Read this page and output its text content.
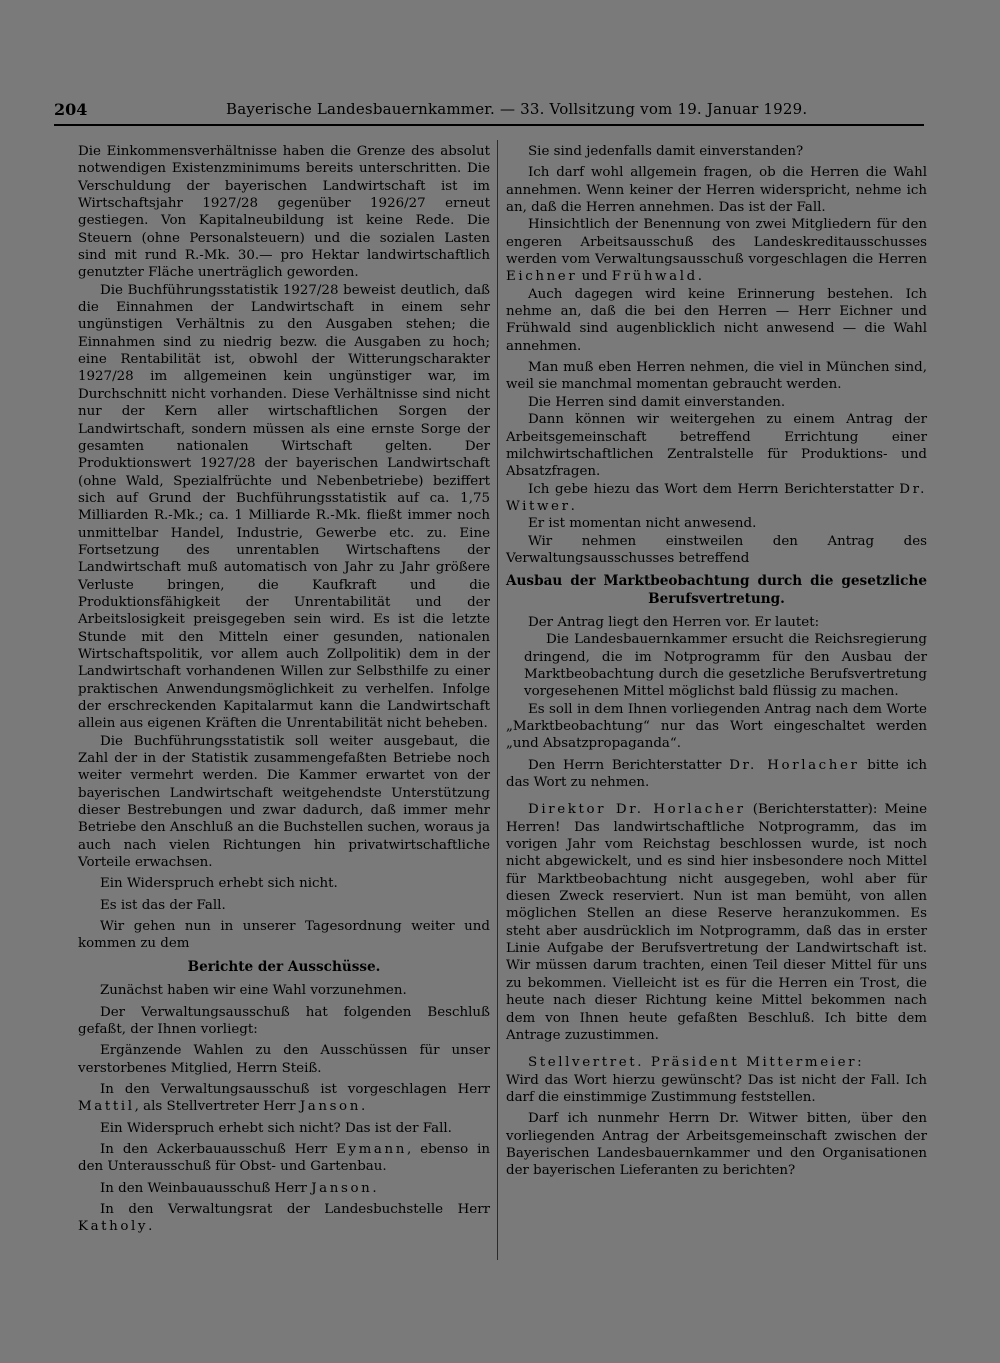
204	Bayerische Landesbauernkammer. — 33. Vollsitzung vom 19. Januar 1929.

Die Einkommensverhältnisse haben die Grenze des absolut notwendigen Existenzminimums bereits unterschritten. Die Verschuldung der bayerischen Landwirtschaft ist im Wirtschaftsjahr 1927/28 gegenüber 1926/27 erneut gestiegen. Von Kapitalneubildung ist keine Rede. Die Steuern (ohne Personalsteuern) und die sozialen Lasten sind mit rund R.-Mk. 30.— pro Hektar landwirtschaftlich genutzter Fläche unerträglich geworden.

Die Buchführungsstatistik 1927/28 beweist deutlich, daß die Einnahmen der Landwirtschaft in einem sehr ungünstigen Verhältnis zu den Ausgaben stehen; die Einnahmen sind zu niedrig bezw. die Ausgaben zu hoch; eine Rentabilität ist, obwohl der Witterungscharakter 1927/28 im allgemeinen kein ungünstiger war, im Durchschnitt nicht vorhanden. Diese Verhältnisse sind nicht nur der Kern aller wirtschaftlichen Sorgen der Landwirtschaft, sondern müssen als eine ernste Sorge der gesamten nationalen Wirtschaft gelten. Der Produktionswert 1927/28 der bayerischen Landwirtschaft (ohne Wald, Spezialfrüchte und Nebenbetriebe) beziffert sich auf Grund der Buchführungsstatistik auf ca. 1,75 Milliarden R.-Mk.; ca. 1 Milliarde R.-Mk. fließt immer noch unmittelbar Handel, Industrie, Gewerbe etc. zu. Eine Fortsetzung des unrentablen Wirtschaftens der Landwirtschaft muß automatisch von Jahr zu Jahr größere Verluste bringen, die Kaufkraft und die Produktionsfähigkeit der Unrentabilität und der Arbeitslosigkeit preisgegeben sein wird. Es ist die letzte Stunde mit den Mitteln einer gesunden, nationalen Wirtschaftspolitik, vor allem auch Zollpolitik) dem in der Landwirtschaft vorhandenen Willen zur Selbsthilfe zu einer praktischen Anwendungsmöglichkeit zu verhelfen. Infolge der erschreckenden Kapitalarmut kann die Landwirtschaft allein aus eigenen Kräften die Unrentabilität nicht beheben.

Die Buchführungsstatistik soll weiter ausgebaut, die Zahl der in der Statistik zusammengefaßten Betriebe noch weiter vermehrt werden. Die Kammer erwartet von der bayerischen Landwirtschaft weitgehendste Unterstützung dieser Bestrebungen und zwar dadurch, daß immer mehr Betriebe den Anschluß an die Buchstellen suchen, woraus ja auch nach vielen Richtungen hin privatwirtschaftliche Vorteile erwachsen.

Ein Widerspruch erhebt sich nicht.

Es ist das der Fall.

Wir gehen nun in unserer Tagesordnung weiter und kommen zu dem

Berichte der Ausschüsse.

Zunächst haben wir eine Wahl vorzunehmen.

Der Verwaltungsausschuß hat folgenden Beschluß gefaßt, der Ihnen vorliegt:

Ergänzende Wahlen zu den Ausschüssen für unser verstorbenes Mitglied, Herrn Steiß.

In den Verwaltungsausschuß ist vorgeschlagen Herr Mattil, als Stellvertreter Herr Janson.

Ein Widerspruch erhebt sich nicht? Das ist der Fall.

In den Ackerbauausschuß Herr Eymann, ebenso in den Unterausschuß für Obst- und Gartenbau.

In den Weinbauausschuß Herr Janson.

In den Verwaltungsrat der Landesbuchstelle Herr Katholy.

Sie sind jedenfalls damit einverstanden?

Ich darf wohl allgemein fragen, ob die Herren die Wahl annehmen. Wenn keiner der Herren widerspricht, nehme ich an, daß die Herren annehmen. Das ist der Fall.

Hinsichtlich der Benennung von zwei Mitgliedern für den engeren Arbeitsausschuß des Landeskreditausschusses werden vom Verwaltungsausschuß vorgeschlagen die Herren Eichner und Frühwald.

Auch dagegen wird keine Erinnerung bestehen. Ich nehme an, daß die bei den Herren — Herr Eichner und Frühwald sind augenblicklich nicht anwesend — die Wahl annehmen.

Man muß eben Herren nehmen, die viel in München sind, weil sie manchmal momentan gebraucht werden.

Die Herren sind damit einverstanden.

Dann können wir weitergehen zu einem Antrag der Arbeitsgemeinschaft betreffend Errichtung einer milchwirtschaftlichen Zentralstelle für Produktions- und Absatzfragen.

Ich gebe hiezu das Wort dem Herrn Berichterstatter Dr. Witwer.

Er ist momentan nicht anwesend.

Wir nehmen einstweilen den Antrag des Verwaltungsausschusses betreffend

Ausbau der Marktbeobachtung durch die gesetzliche Berufsvertretung.

Der Antrag liegt den Herren vor. Er lautet:

Die Landesbauernkammer ersucht die Reichsregierung dringend, die im Notprogramm für den Ausbau der Marktbeobachtung durch die gesetzliche Berufsvertretung vorgesehenen Mittel möglichst bald flüssig zu machen.

Es soll in dem Ihnen vorliegenden Antrag nach dem Worte „Marktbeobachtung“ nur das Wort eingeschaltet werden „und Absatzpropaganda“.

Den Herrn Berichterstatter Dr. Horlacher bitte ich das Wort zu nehmen.

Direktor Dr. Horlacher (Berichterstatter): Meine Herren! Das landwirtschaftliche Notprogramm, das im vorigen Jahr vom Reichstag beschlossen wurde, ist noch nicht abgewickelt, und es sind hier insbesondere noch Mittel für Marktbeobachtung nicht ausgegeben, wohl aber für diesen Zweck reserviert. Nun ist man bemüht, von allen möglichen Stellen an diese Reserve heranzukommen. Es steht aber ausdrücklich im Notprogramm, daß das in erster Linie Aufgabe der Berufsvertretung der Landwirtschaft ist. Wir müssen darum trachten, einen Teil dieser Mittel für uns zu bekommen. Vielleicht ist es für die Herren ein Trost, die heute nach dieser Richtung keine Mittel bekommen nach dem von Ihnen heute gefaßten Beschluß. Ich bitte dem Antrage zuzustimmen.

Stellvertret. Präsident Mittermeier:

Wird das Wort hierzu gewünscht? Das ist nicht der Fall. Ich darf die einstimmige Zustimmung feststellen.

Darf ich nunmehr Herrn Dr. Witwer bitten, über den vorliegenden Antrag der Arbeitsgemeinschaft zwischen der Bayerischen Landesbauernkammer und den Organisationen der bayerischen Lieferanten zu berichten?
